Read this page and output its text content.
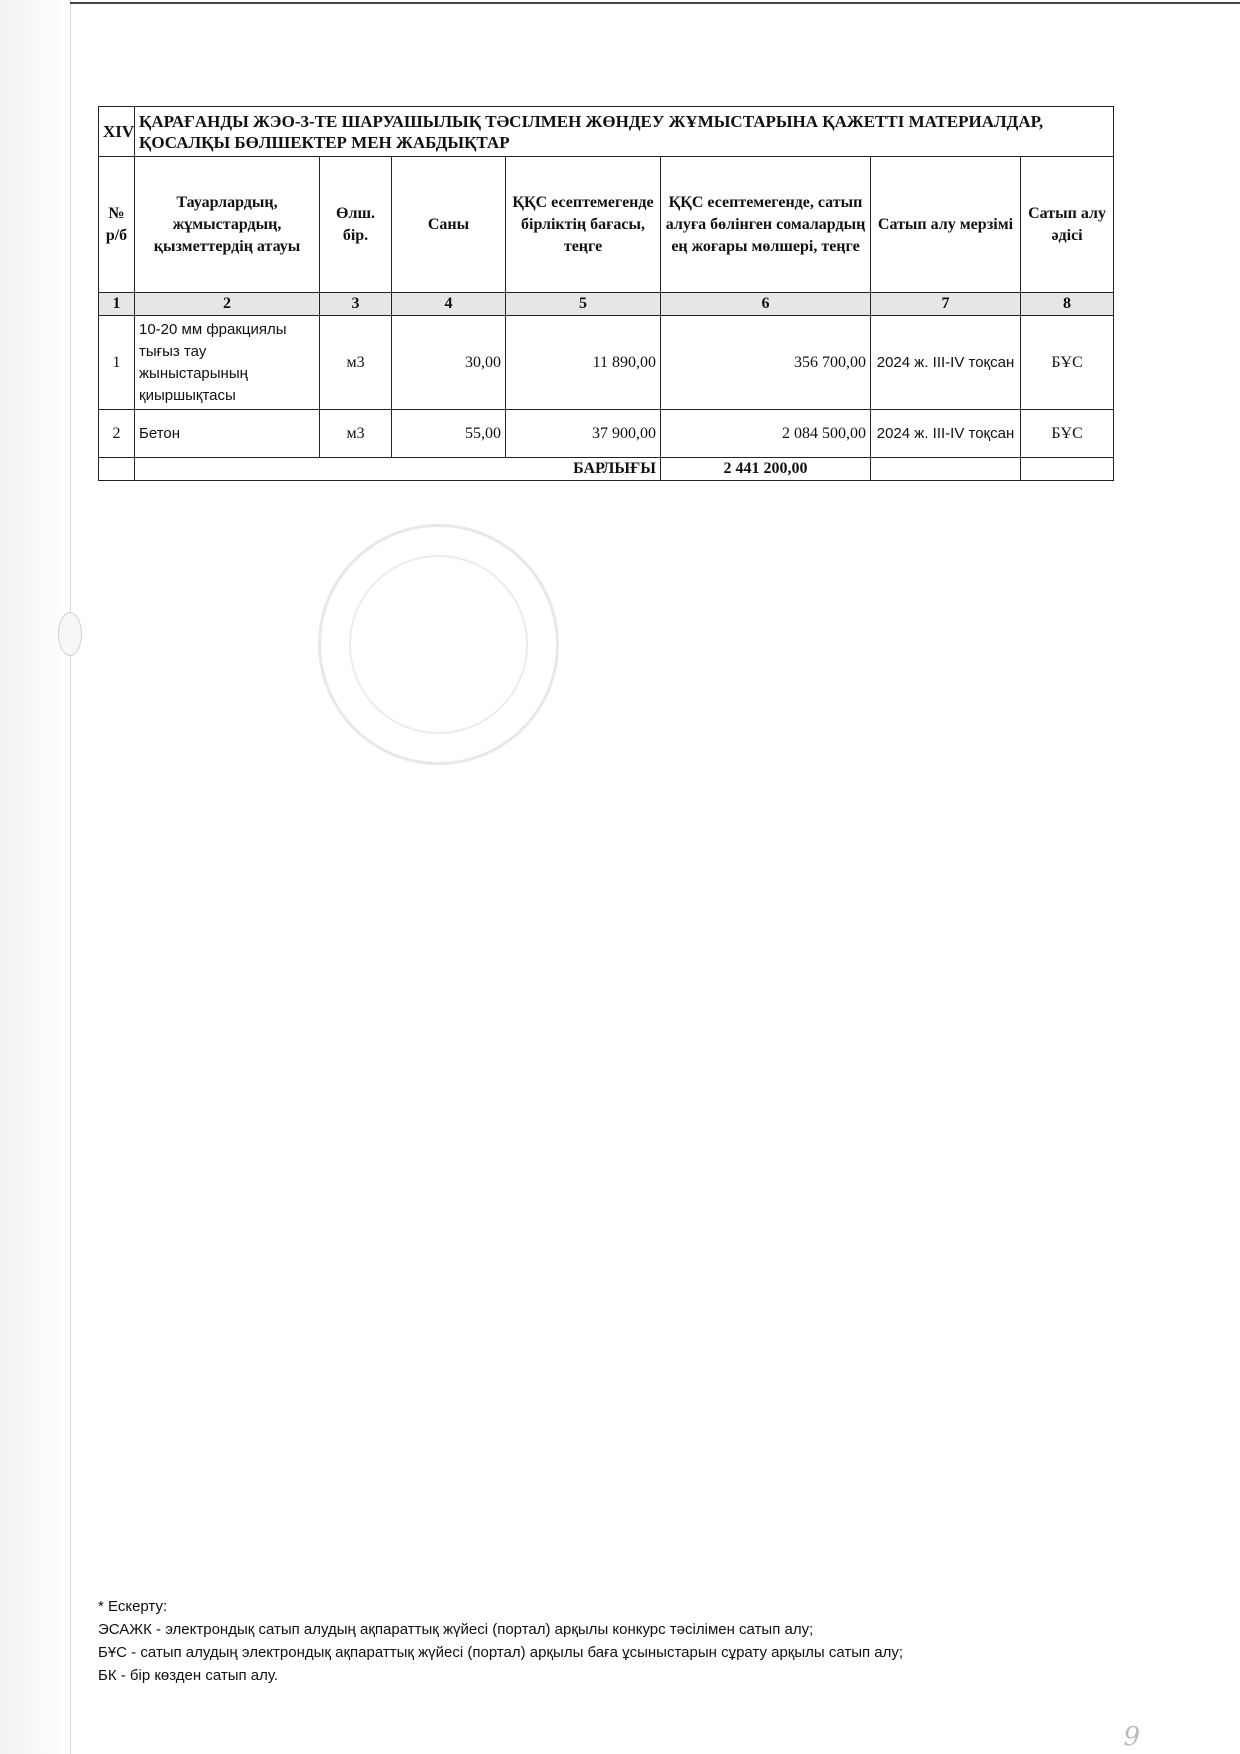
XIV	ҚАРАҒАНДЫ ЖЭО-3-ТЕ ШАРУАШЫЛЫҚ ТӘСІЛМЕН ЖӨНДЕУ ЖҰМЫСТАРЫНА ҚАЖЕТТІ МАТЕРИАЛДАР, ҚОСАЛҚЫ БӨЛШЕКТЕР МЕН ЖАБДЫҚТАР						
№ р/б	Тауарлардың, жұмыстардың, қызметтердің атауы	Өлш. бір.	Саны	ҚҚС есептемегенде бірліктің бағасы, теңге	ҚҚС есептемегенде, сатып алуға бөлінген сомалардың ең жоғары мөлшері, теңге	Сатып алу мерзімі	Сатып алу әдісі
1	2	3	4	5	6	7	8
1	10-20 мм фракциялы тығыз тау жыныстарының қиыршықтасы	м3	30,00	11 890,00	356 700,00	2024 ж. III-IV тоқсан	БҰС
2	Бетон	м3	55,00	37 900,00	2 084 500,00	2024 ж. III-IV тоқсан	БҰС
	БАРЛЫҒЫ				2 441 200,00		
* Ескерту:
ЭСАЖК - электрондық сатып алудың ақпараттық жүйесі (портал) арқылы конкурс тәсілімен сатып алу;
БҰС - сатып алудың электрондық ақпараттық жүйесі (портал) арқылы баға ұсыныстарын сұрату арқылы сатып алу;
БК - бір көзден сатып алу.
9
